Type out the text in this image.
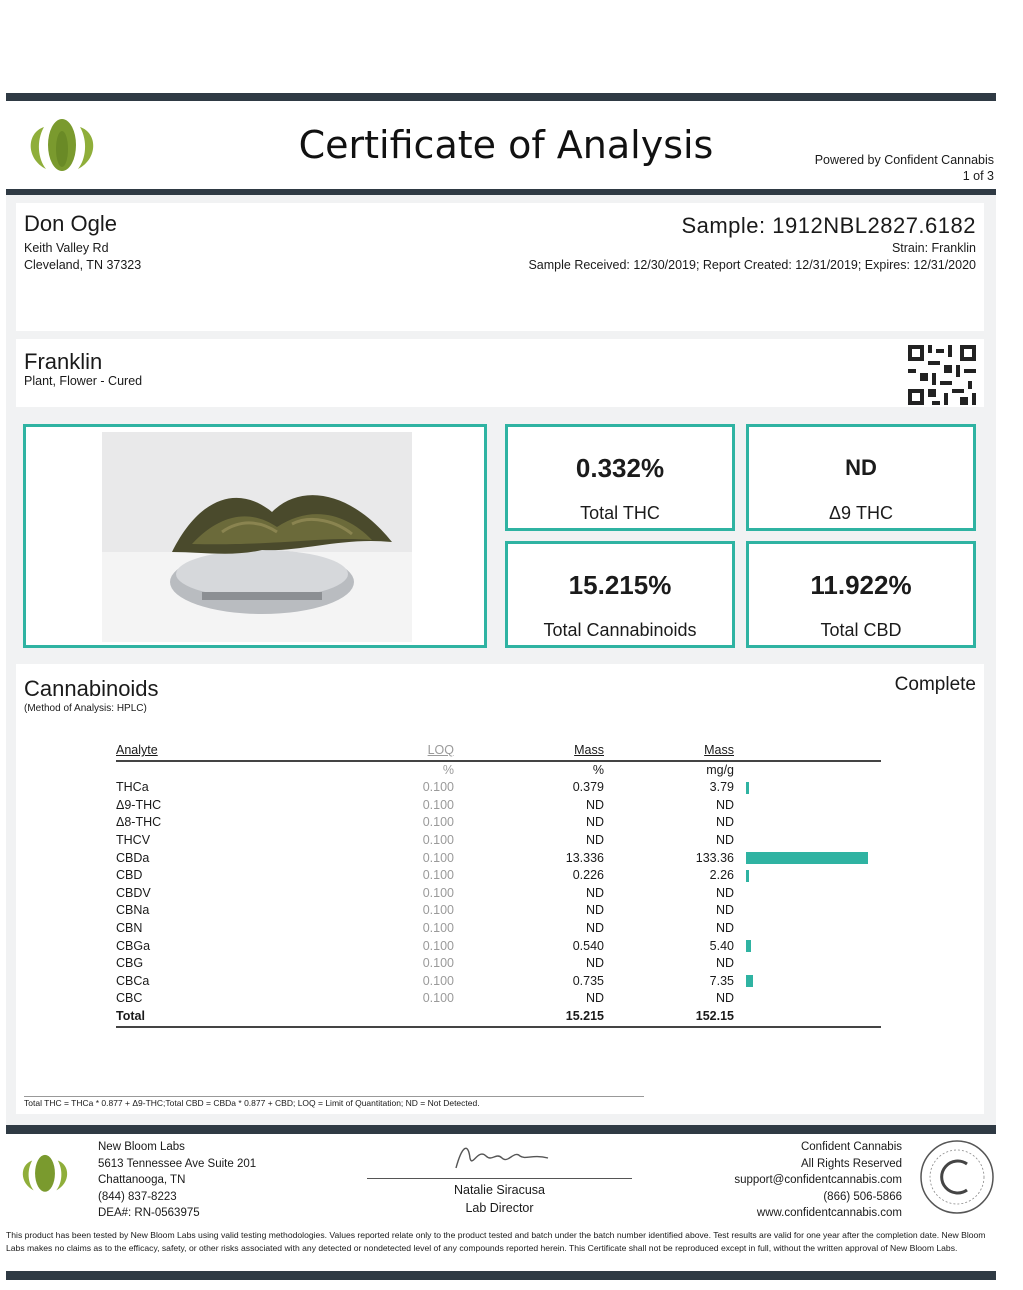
Certificate of Analysis	Powered by Confident Cannabis
1 of 3
Don Ogle
Keith Valley Rd
Cleveland, TN 37323
Sample: 1912NBL2827.6182
Strain: Franklin
Sample Received: 12/30/2019; Report Created: 12/31/2019; Expires: 12/31/2020
Franklin
Plant, Flower - Cured
0.332%
Total THC
ND
Δ9 THC
15.215%
Total Cannabinoids
11.922%
Total CBD
Cannabinoids
(Method of Analysis: HPLC)
Complete
Total THC = THCa * 0.877 + Δ9-THC;Total CBD = CBDa * 0.877 + CBD; LOQ = Limit of Quantitation; ND = Not Detected.
Analyte	LOQ	Mass	Mass	
	%	%	mg/g	
THCa	0.100	0.379	3.79	
Δ9-THC	0.100	ND	ND	
Δ8-THC	0.100	ND	ND	
THCV	0.100	ND	ND	
CBDa	0.100	13.336	133.36	
CBD	0.100	0.226	2.26	
CBDV	0.100	ND	ND	
CBNa	0.100	ND	ND	
CBN	0.100	ND	ND	
CBGa	0.100	0.540	5.40	
CBG	0.100	ND	ND	
CBCa	0.100	0.735	7.35	
CBC	0.100	ND	ND	
Total		15.215	152.15	
New Bloom Labs
5613 Tennessee Ave Suite 201
Chattanooga, TN
(844) 837-8223
DEA#: RN-0563975
Natalie Siracusa
Lab Director
Confident Cannabis
All Rights Reserved
support@confidentcannabis.com
(866) 506-5866
www.confidentcannabis.com
This product has been tested by New Bloom Labs using valid testing methodologies. Values reported relate only to the product tested and batch under the batch number identified above. Test results are valid for one year after the completion date. New Bloom Labs makes no claims as to the efficacy, safety, or other risks associated with any detected or nondetected level of any compounds reported herein. This Certificate shall not be reproduced except in full, without the written approval of New Bloom Labs.
